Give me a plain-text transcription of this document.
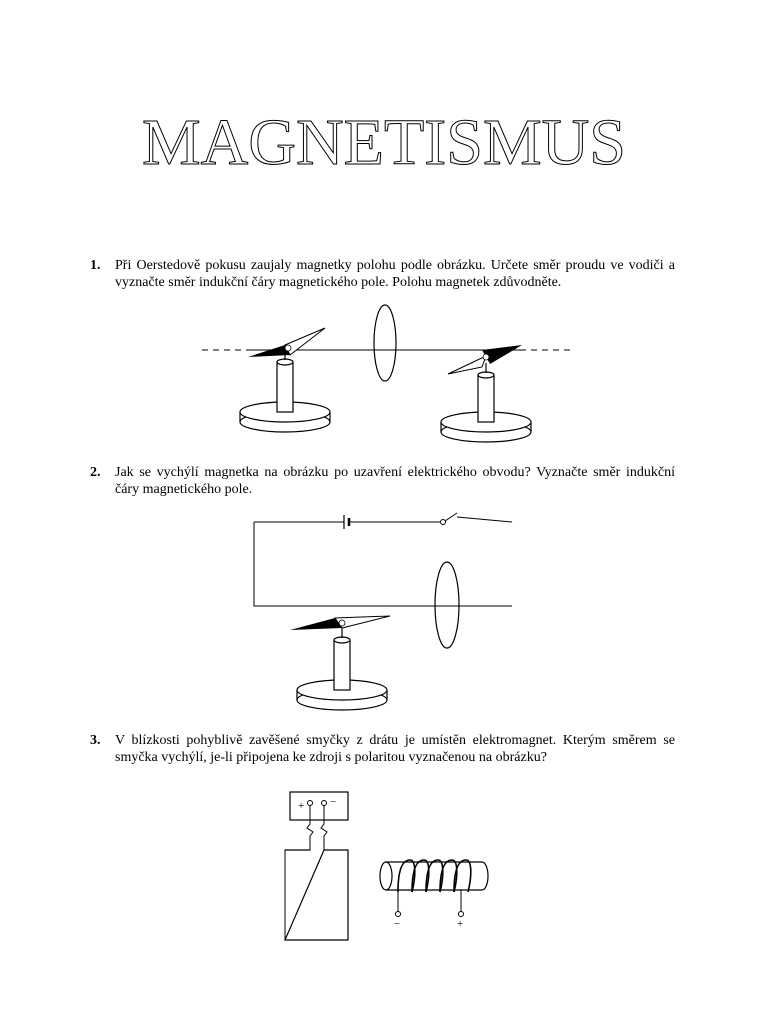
MAGNETISMUS
1. Při Oerstedově pokusu zaujaly magnetky polohu podle obrázku. Určete směr proudu ve vodiči a vyznačte směr indukční čáry magnetického pole. Polohu magnetek zdůvodněte.
2. Jak se vychýlí magnetka na obrázku po uzavření elektrického obvodu? Vyznačte směr indukční čáry magnetického pole.
3. V blízkosti pohyblivě zavěšené smyčky z drátu je umístěn elektromagnet. Kterým směrem se smyčka vychýlí, je-li připojena ke zdroji s polaritou vyznačenou na obrázku?
+ −
−	+
